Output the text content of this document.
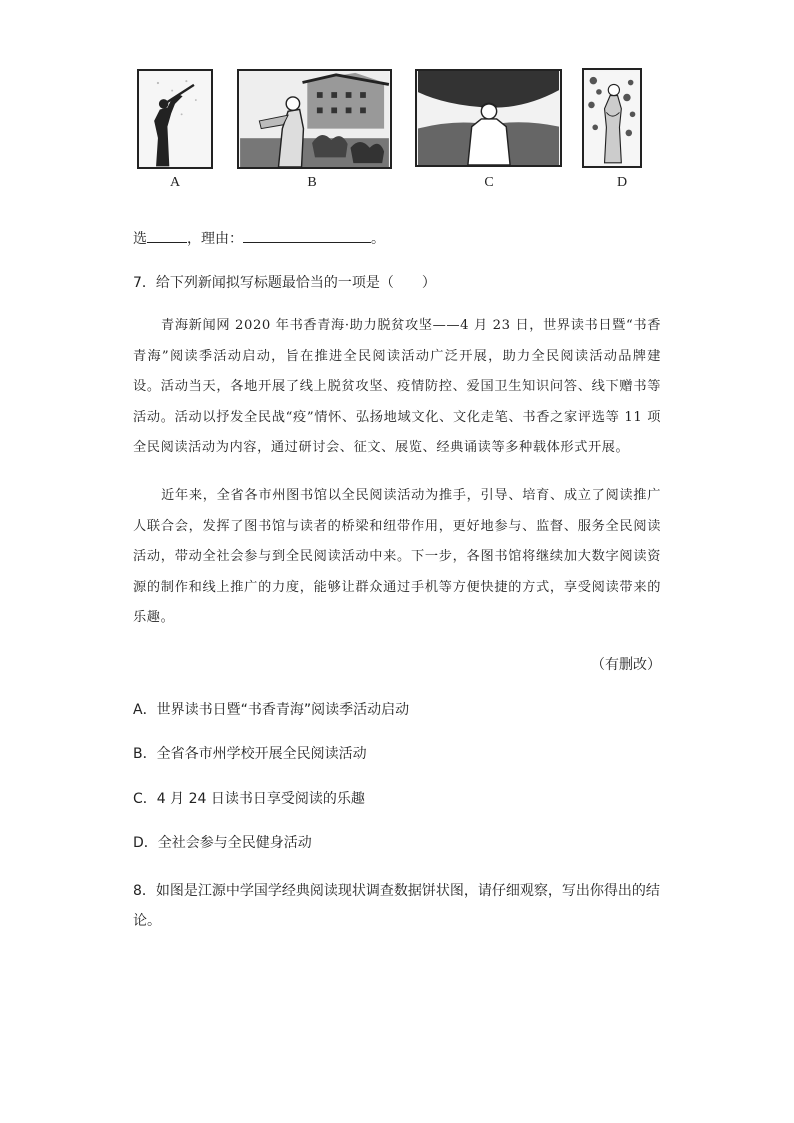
A	B	C	D
选	，理由：	。
7．给下列新闻拟写标题最恰当的一项是（　　）
青海新闻网 2020 年书香青海·助力脱贫攻坚——4 月 23 日，世界读书日暨“书香青海”阅读季活动启动，旨在推进全民阅读活动广泛开展，助力全民阅读活动品牌建设。活动当天，各地开展了线上脱贫攻坚、疫情防控、爱国卫生知识问答、线下赠书等活动。活动以抒发全民战“疫”情怀、弘扬地域文化、文化走笔、书香之家评选等 11 项全民阅读活动为内容，通过研讨会、征文、展览、经典诵读等多种载体形式开展。
近年来，全省各市州图书馆以全民阅读活动为推手，引导、培育、成立了阅读推广人联合会，发挥了图书馆与读者的桥梁和纽带作用，更好地参与、监督、服务全民阅读活动，带动全社会参与到全民阅读活动中来。下一步，各图书馆将继续加大数字阅读资源的制作和线上推广的力度，能够让群众通过手机等方便快捷的方式，享受阅读带来的乐趣。
（有删改）
A．世界读书日暨“书香青海”阅读季活动启动
B．全省各市州学校开展全民阅读活动
C．4 月 24 日读书日享受阅读的乐趣
D．全社会参与全民健身活动
8．如图是江源中学国学经典阅读现状调查数据饼状图，请仔细观察，写出你得出的结论。
